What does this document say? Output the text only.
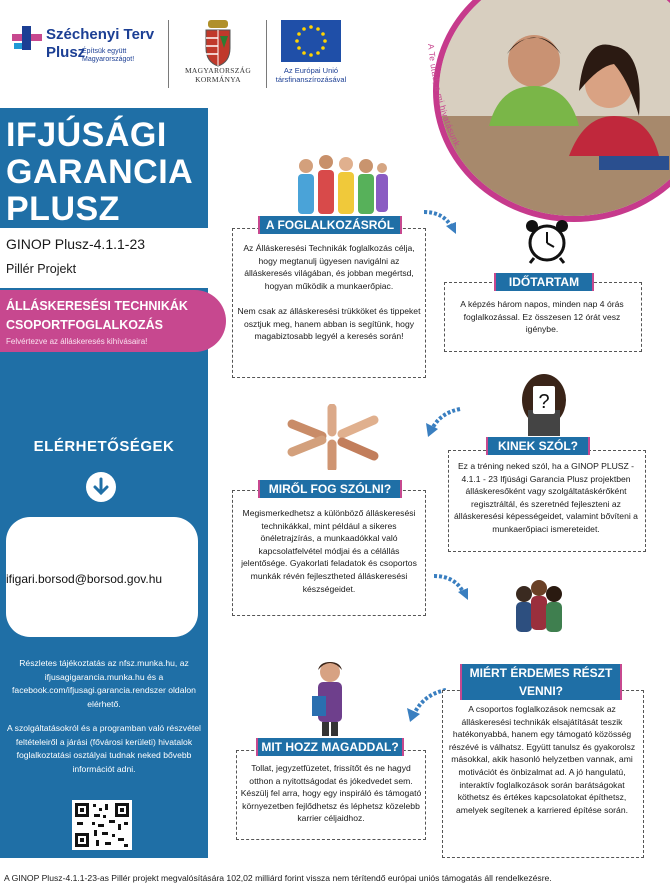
Széchenyi Terv
Plusz
Építsük együtt Magyarországot!
MAGYARORSZÁG KORMÁNYA
Az Európai Unió társfinanszírozásával
A Te utad, a mi hivatásunk.
IFJÚSÁGI
GARANCIA
PLUSZ
GINOP Plusz-4.1.1-23
Pillér Projekt
ÁLLÁSKERESÉSI TECHNIKÁK
CSOPORTFOGLALKOZÁS
Felvértezve az álláskeresés kihívásaira!
ELÉRHETŐSÉGEK
ifigari.borsod@borsod.gov.hu
Részletes tájékoztatás az nfsz.munka.hu, az ifjusagigarancia.munka.hu és a facebook.com/ifjusagi.garancia.rendszer oldalon elérhető.
A szolgáltatásokról és a programban való részvétel feltételeiről a járási (fővárosi kerületi) hivatalok foglalkoztatási osztályai tudnak neked bővebb információt adni.
?
A FOGLALKOZÁSRÓL
Az Álláskeresési Technikák foglalkozás célja, hogy megtanulj ügyesen navigálni az álláskeresés világában, és jobban megértsd, hogyan működik a munkaerőpiac.
Nem csak az álláskeresési trükköket és tippeket osztjuk meg, hanem abban is segítünk, hogy magabiztosabb legyél a keresés során!
IDŐTARTAM
A képzés három napos, minden nap 4 órás foglalkozással. Ez összesen 12 órát vesz igénybe.
KINEK SZÓL?
Ez a tréning neked szól, ha a GINOP PLUSZ - 4.1.1 - 23 Ifjúsági Garancia Plusz projektben álláskeresőként vagy szolgáltatáskérőként regisztráltál, és szeretnéd fejleszteni az álláskeresési képességeidet, valamint bővíteni a munkaerőpiaci ismereteidet.
MIRŐL FOG SZÓLNI?
Megismerkedhetsz a különböző álláskeresési technikákkal, mint például a sikeres önéletrajzírás, a munkaadókkal való kapcsolatfelvétel módjai és a célállás jelentősége. Gyakorlati feladatok és csoportos munkák révén fejlesztheted álláskeresési készségeidet.
MIÉRT ÉRDEMES RÉSZT VENNI?
A csoportos foglalkozások nemcsak az álláskeresési technikák elsajátítását teszik hatékonyabbá, hanem egy támogató közösség részévé is válhatsz. Együtt tanulsz és gyakorolsz másokkal, akik hasonló helyzetben vannak, ami motivációt és önbizalmat ad. A jó hangulatú, interaktív foglalkozások során barátságokat köthetsz és értékes kapcsolatokat építhetsz, amelyek segítenek a karriered építése során.
MIT HOZZ MAGADDAL?
Tollat, jegyzetfüzetet, frissítőt és ne hagyd otthon a nyitottságodat és jókedvedet sem. Készülj fel arra, hogy egy inspiráló és támogató környezetben fejlődhetsz és léphetsz közelebb karrier céljaidhoz.
A GINOP Plusz-4.1.1-23-as Pillér projekt megvalósítására 102,02 milliárd forint vissza nem térítendő európai uniós támogatás áll rendelkezésre.
